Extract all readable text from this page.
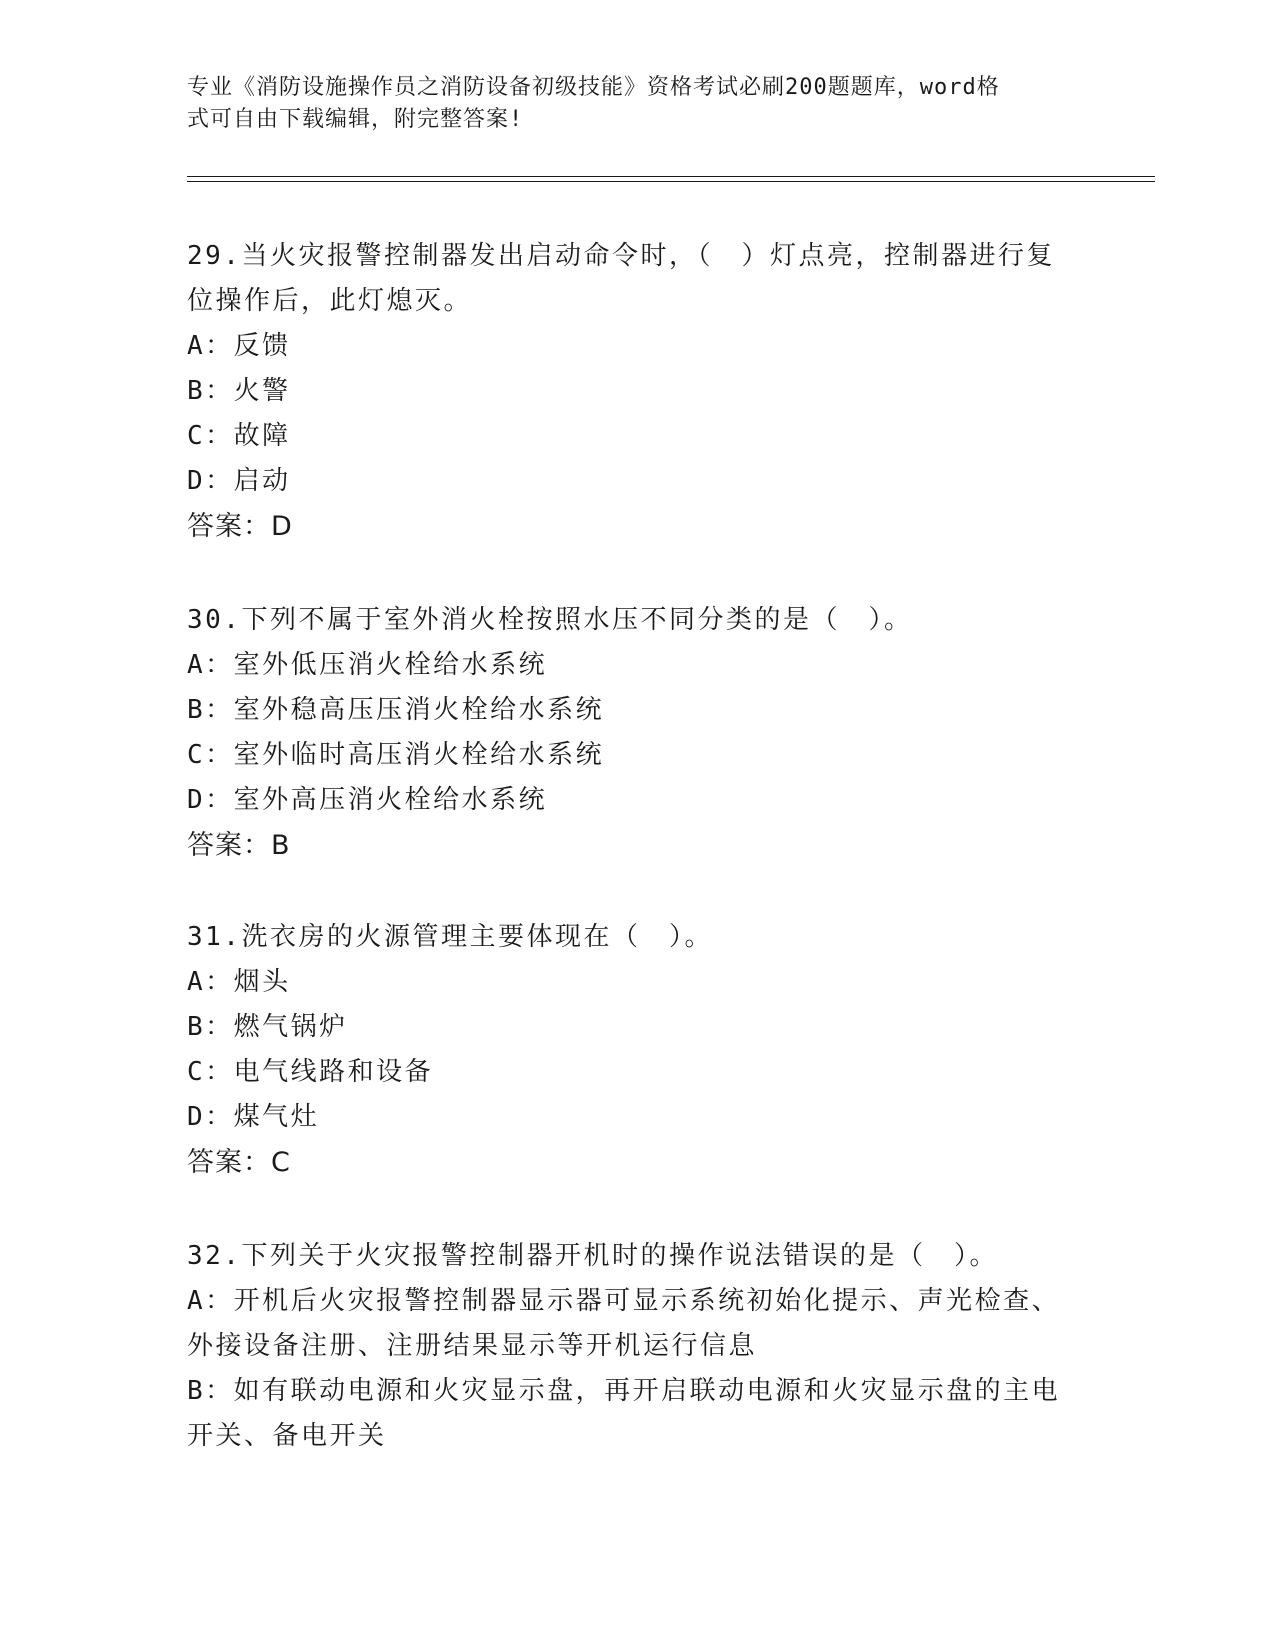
专业《消防设施操作员之消防设备初级技能》资格考试必刷200题题库，word格
式可自由下载编辑，附完整答案!

29.当火灾报警控制器发出启动命令时，（　）灯点亮，控制器进行复

位操作后，此灯熄灭。

A：反馈

B：火警

C：故障

D：启动

答案：D

30.下列不属于室外消火栓按照水压不同分类的是（　）。

A：室外低压消火栓给水系统

B：室外稳高压压消火栓给水系统

C：室外临时高压消火栓给水系统

D：室外高压消火栓给水系统

答案：B

31.洗衣房的火源管理主要体现在（　）。

A：烟头

B：燃气锅炉

C：电气线路和设备

D：煤气灶

答案：C

32.下列关于火灾报警控制器开机时的操作说法错误的是（　）。

A：开机后火灾报警控制器显示器可显示系统初始化提示、声光检查、

外接设备注册、注册结果显示等开机运行信息

B：如有联动电源和火灾显示盘，再开启联动电源和火灾显示盘的主电

开关、备电开关
